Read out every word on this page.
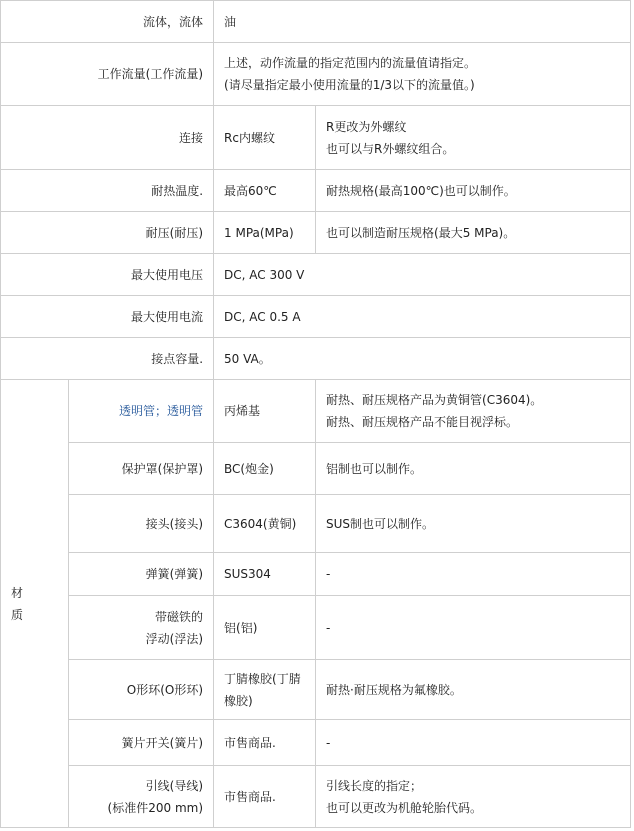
流体，流体		油	
工作流量(工作流量)		上述，动作流量的指定范围内的流量值请指定。
(请尽量指定最小使用流量的1/3以下的流量值。)	
连接		Rc内螺纹	R更改为外螺纹
也可以与R外螺纹组合。
耐热温度.		最高60℃	耐热规格(最高100℃)也可以制作。
耐压(耐压)		1 MPa(MPa)	也可以制造耐压规格(最大5 MPa)。
最大使用电压		DC, AC 300 V	
最大使用电流		DC, AC 0.5 A	
接点容量.		50 VA。	
材
质	透明管；透明管	丙烯基	耐热、耐压规格产品为黄铜管(C3604)。
耐热、耐压规格产品不能目视浮标。
	保护罩(保护罩)	BC(炮金)	铝制也可以制作。
	接头(接头)	C3604(黄铜)	SUS制也可以制作。
	弹簧(弹簧)	SUS304	-
	带磁铁的
浮动(浮法)	铝(铝)	-
	O形环(O形环)	丁腈橡胶(丁腈
橡胶)	耐热·耐压规格为氟橡胶。
	簧片开关(簧片)	市售商品.	-
	引线(导线)
(标准件200 mm)	市售商品.	引线长度的指定；
也可以更改为机舱轮胎代码。
